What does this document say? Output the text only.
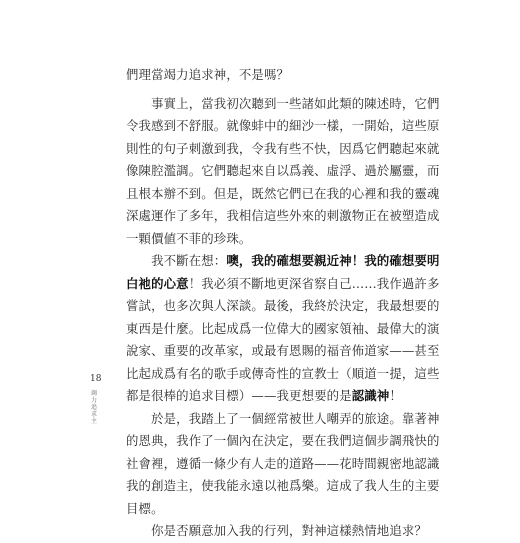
們理當竭力追求神，不是嗎？
　　事實上，當我初次聽到一些諸如此類的陳述時，它們
令我感到不舒服。就像蚌中的細沙一樣，一開始，這些原
則性的句子刺激到我，令我有些不快，因爲它們聽起來就
像陳腔濫調。它們聽起來自以爲義、虛浮、過於屬靈，而
且根本辦不到。但是，既然它們已在我的心裡和我的靈魂
深處運作了多年，我相信這些外來的刺激物正在被塑造成
一顆價値不菲的珍珠。
　　我不斷在想：噢，我的確想要親近神！我的確想要明
白祂的心意！我必須不斷地更深省察自己……我作過許多
嘗試，也多次與人深談。最後，我終於決定，我最想要的
東西是什麼。比起成爲一位偉大的國家領袖、最偉大的演
說家、重要的改革家，或最有恩賜的福音佈道家——甚至
比起成爲有名的歌手或傳奇性的宣教士（順道一提，這些
都是很棒的追求目標）——我更想要的是認識神！
　　於是，我踏上了一個經常被世人嘲弄的旅途。靠著神
的恩典，我作了一個內在決定，要在我們這個步調飛快的
社會裡，遵循一條少有人走的道路——花時間親密地認識
我的創造主，使我能永遠以祂爲樂。這成了我人生的主要
目標。
　　你是否願意加入我的行列，對神這樣熱情地追求？
18
竭力追求主
